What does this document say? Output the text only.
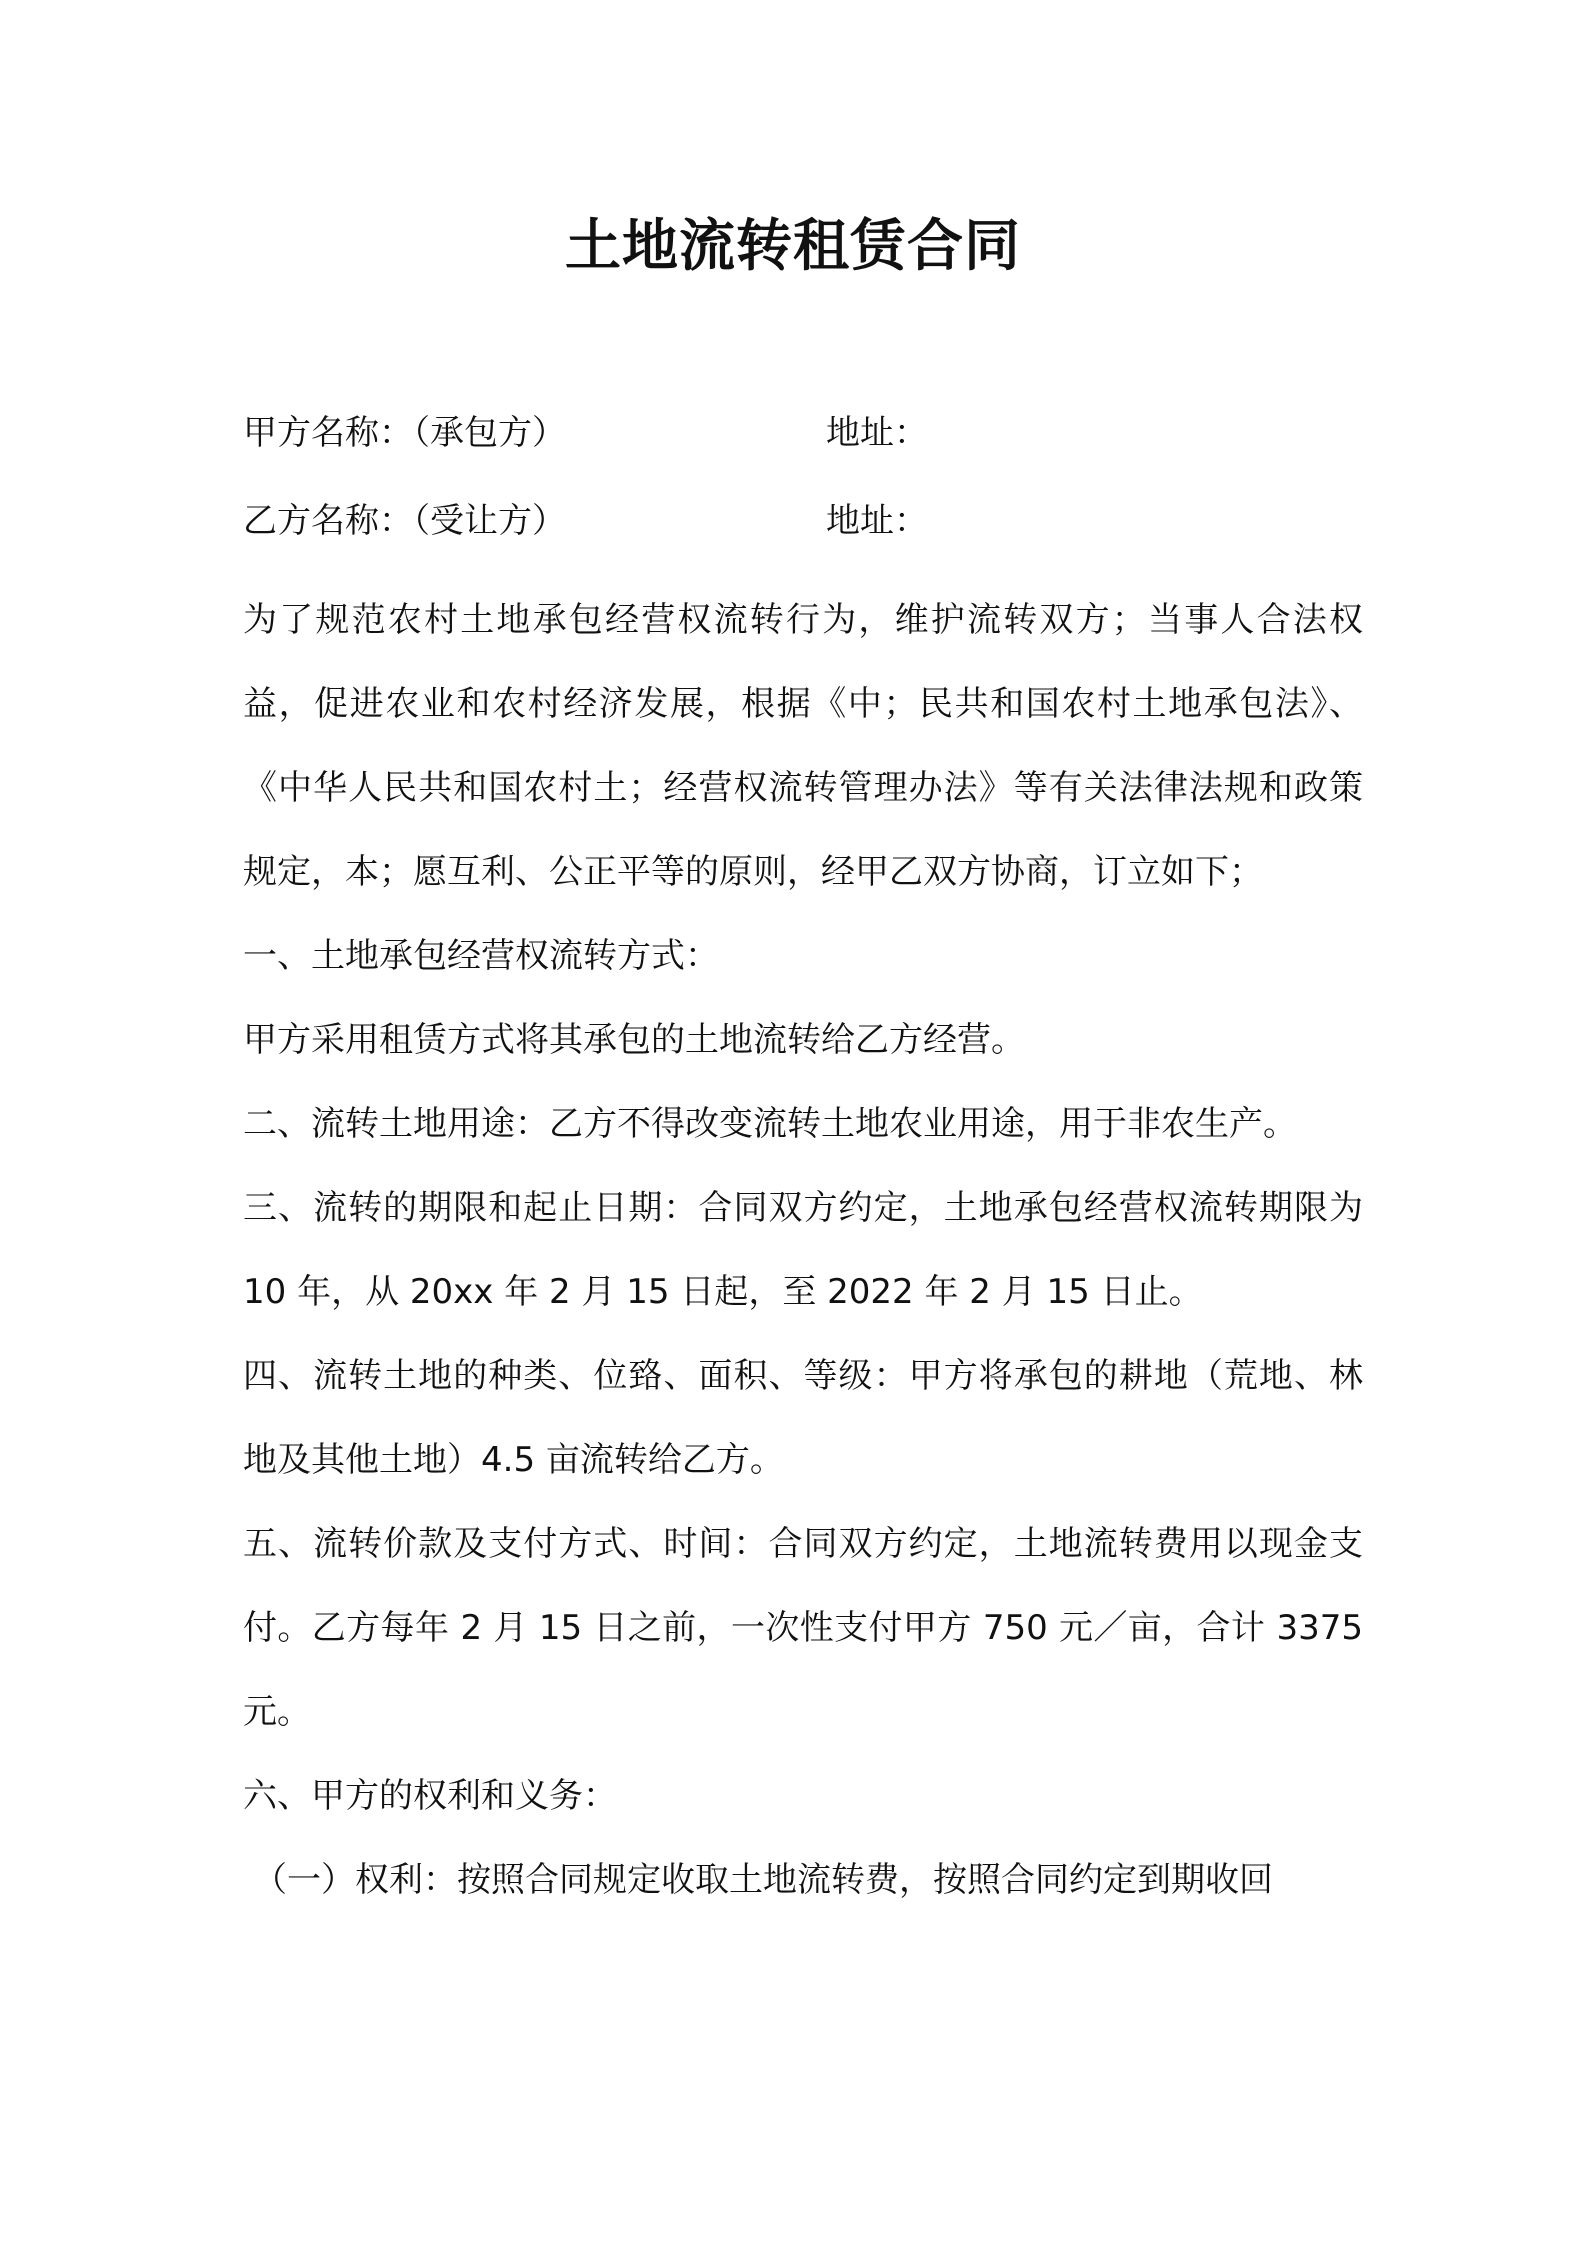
土地流转租赁合同
甲方名称：（承包方）	地址：
乙方名称：（受让方）	地址：

为了规范农村土地承包经营权流转行为，维护流转双方；当事人合法权益，促进农业和农村经济发展，根据《中；民共和国农村土地承包法》、《中华人民共和国农村土；经营权流转管理办法》等有关法律法规和政策规定，本；愿互利、公正平等的原则，经甲乙双方协商，订立如下；

一、土地承包经营权流转方式：

甲方采用租赁方式将其承包的土地流转给乙方经营。

二、流转土地用途：乙方不得改变流转土地农业用途，用于非农生产。

三、流转的期限和起止日期：合同双方约定，土地承包经营权流转期限为 10 年，从 20xx 年 2 月 15 日起，至 2022 年 2 月 15 日止。

四、流转土地的种类、位臵、面积、等级：甲方将承包的耕地（荒地、林地及其他土地）4.5 亩流转给乙方。

五、流转价款及支付方式、时间：合同双方约定，土地流转费用以现金支付。乙方每年 2 月 15 日之前，一次性支付甲方 750 元／亩，合计 3375 元。

六、甲方的权利和义务：

（一）权利：按照合同规定收取土地流转费，按照合同约定到期收回
